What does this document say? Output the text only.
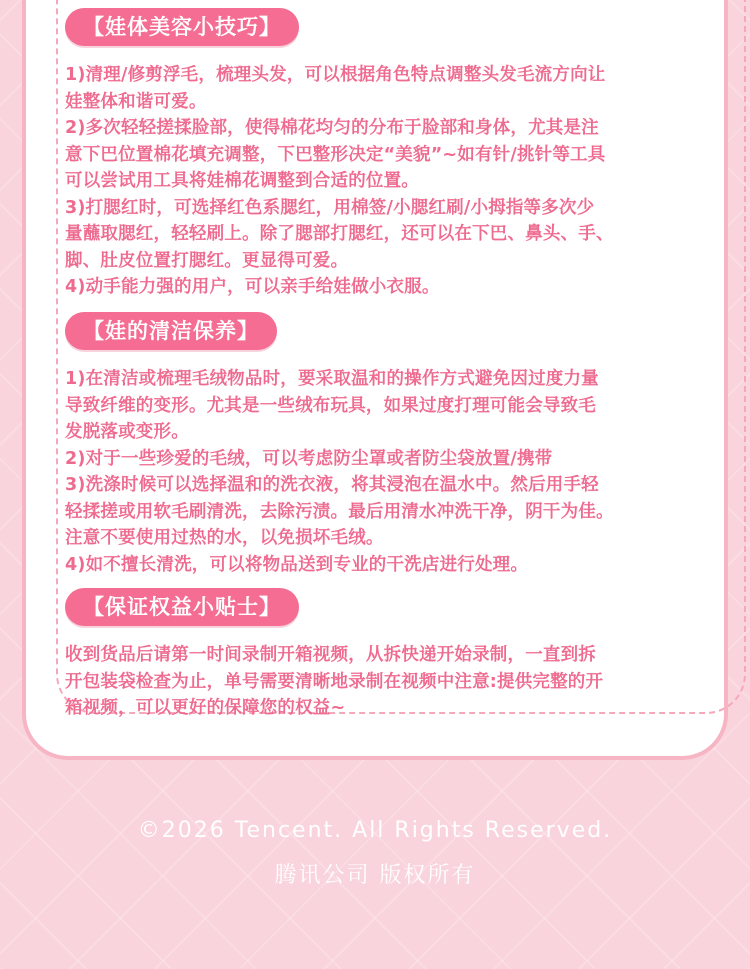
【娃体美容小技巧】

1)清理/修剪浮毛，梳理头发，可以根据角色特点调整头发毛流方向让

娃整体和谐可爱。

2)多次轻轻搓揉脸部，使得棉花均匀的分布于脸部和身体，尤其是注

意下巴位置棉花填充调整，下巴整形决定“美貌”~如有针/挑针等工具

可以尝试用工具将娃棉花调整到合适的位置。

3)打腮红时，可选择红色系腮红，用棉签/小腮红刷/小拇指等多次少

量蘸取腮红，轻轻刷上。除了腮部打腮红，还可以在下巴、鼻头、手、

脚、肚皮位置打腮红。更显得可爱。

4)动手能力强的用户，可以亲手给娃做小衣服。

【娃的清洁保养】

1)在清洁或梳理毛绒物品时，要采取温和的操作方式避免因过度力量

导致纤维的变形。尤其是一些绒布玩具，如果过度打理可能会导致毛

发脱落或变形。

2)对于一些珍爱的毛绒，可以考虑防尘罩或者防尘袋放置/携带

3)洗涤时候可以选择温和的洗衣液，将其浸泡在温水中。然后用手轻

轻揉搓或用软毛刷清洗，去除污渍。最后用清水冲洗干净，阴干为佳。

注意不要使用过热的水，以免损坏毛绒。

4)如不擅长清洗，可以将物品送到专业的干洗店进行处理。

【保证权益小贴士】

收到货品后请第一时间录制开箱视频，从拆快递开始录制，一直到拆

开包装袋检查为止，单号需要清晰地录制在视频中注意:提供完整的开

箱视频，可以更好的保障您的权益~

©2026 Tencent. All Rights Reserved.
腾讯公司 版权所有
